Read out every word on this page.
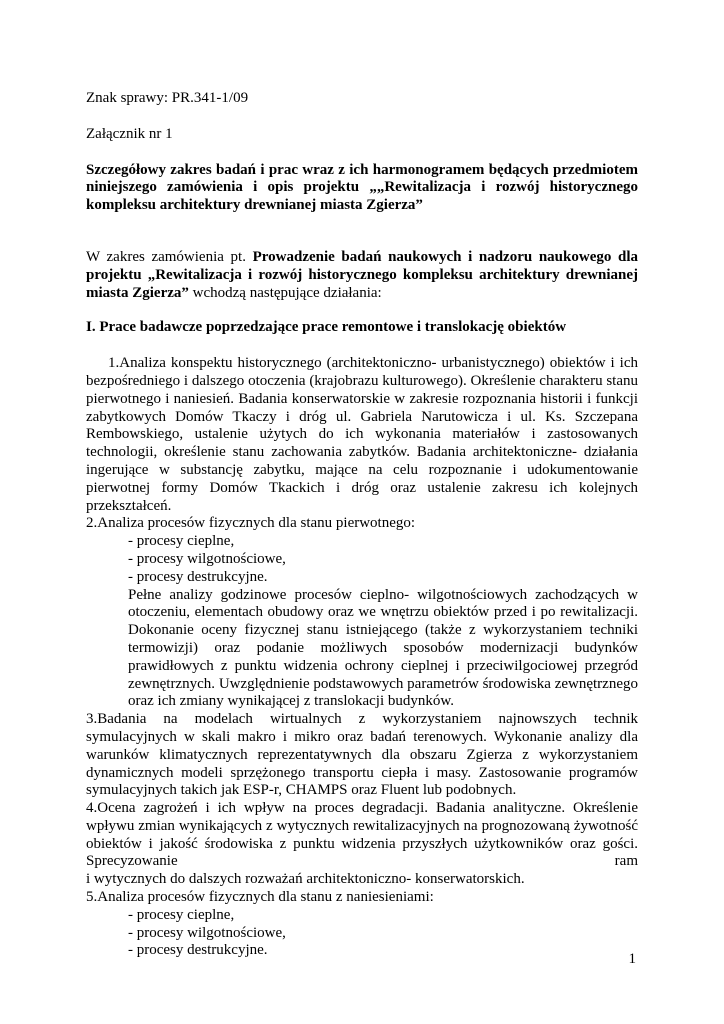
Znak sprawy: PR.341-1/09

Załącznik nr 1

Szczegółowy zakres badań i prac wraz z ich harmonogramem będących przedmiotem niniejszego zamówienia i opis projektu „„Rewitalizacja i rozwój historycznego kompleksu architektury drewnianej miasta Zgierza”

W zakres zamówienia pt. Prowadzenie badań naukowych i nadzoru naukowego dla projektu „Rewitalizacja i rozwój historycznego kompleksu architektury drewnianej miasta Zgierza” wchodzą następujące działania:

I. Prace badawcze poprzedzające prace remontowe i translokację obiektów

1.Analiza konspektu historycznego (architektoniczno- urbanistycznego) obiektów i ich bezpośredniego i dalszego otoczenia (krajobrazu kulturowego). Określenie charakteru stanu pierwotnego i naniesień. Badania konserwatorskie w zakresie rozpoznania historii i funkcji zabytkowych Domów Tkaczy i dróg ul. Gabriela Narutowicza i ul. Ks. Szczepana Rembowskiego, ustalenie użytych do ich wykonania materiałów i zastosowanych technologii, określenie stanu zachowania zabytków. Badania architektoniczne- działania ingerujące w substancję zabytku, mające na celu rozpoznanie i udokumentowanie pierwotnej formy Domów Tkackich i dróg oraz ustalenie zakresu ich kolejnych przekształceń.

2.Analiza procesów fizycznych dla stanu pierwotnego:

- procesy cieplne,

- procesy wilgotnościowe,

- procesy destrukcyjne.

Pełne analizy godzinowe procesów cieplno- wilgotnościowych zachodzących w otoczeniu, elementach obudowy oraz we wnętrzu obiektów przed i po rewitalizacji. Dokonanie oceny fizycznej stanu istniejącego (także z wykorzystaniem techniki termowizji) oraz podanie możliwych sposobów modernizacji budynków prawidłowych z punktu widzenia ochrony cieplnej i przeciwilgociowej przegród zewnętrznych. Uwzględnienie podstawowych parametrów środowiska zewnętrznego oraz ich zmiany wynikającej z translokacji budynków.

3.Badania na modelach wirtualnych z wykorzystaniem najnowszych technik symulacyjnych w skali makro i mikro oraz badań terenowych. Wykonanie analizy dla warunków klimatycznych reprezentatywnych dla obszaru Zgierza z wykorzystaniem dynamicznych modeli sprzężonego transportu ciepła i masy. Zastosowanie programów symulacyjnych takich jak ESP-r, CHAMPS oraz Fluent lub podobnych.

4.Ocena zagrożeń i ich wpływ na proces degradacji. Badania analityczne. Określenie wpływu zmian wynikających z wytycznych rewitalizacyjnych na prognozowaną żywotność obiektów i jakość środowiska z punktu widzenia przyszłych użytkowników oraz gości. Sprecyzowanie ram

i wytycznych do dalszych rozważań architektoniczno- konserwatorskich.

5.Analiza procesów fizycznych dla stanu z naniesieniami:

- procesy cieplne,

- procesy wilgotnościowe,

- procesy destrukcyjne.

1
